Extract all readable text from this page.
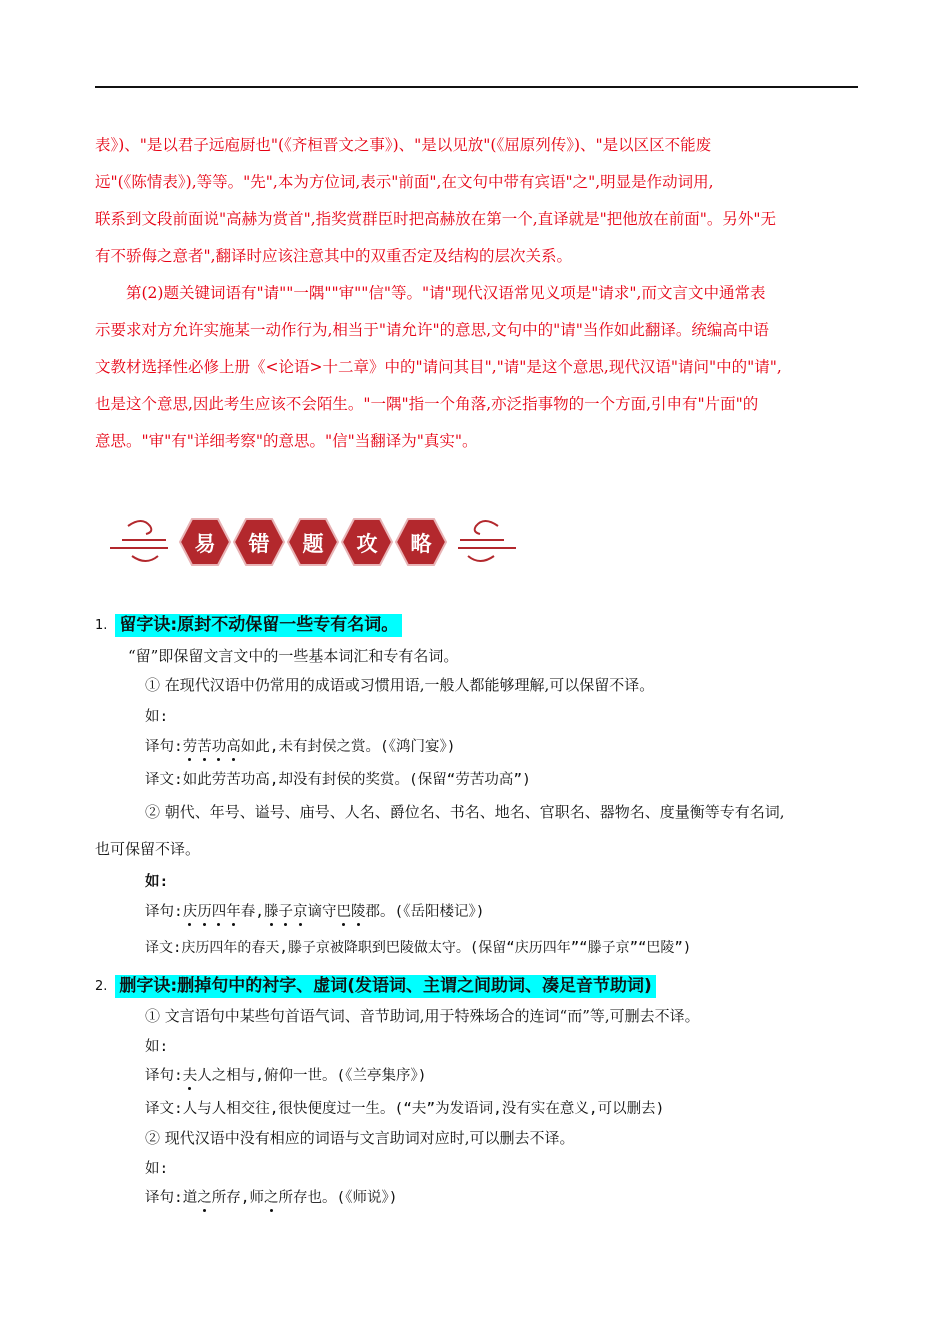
表》)、"是以君子远庖厨也"(《齐桓晋文之事》)、"是以见放"(《屈原列传》)、"是以区区不能废

远"(《陈情表》),等等。"先",本为方位词,表示"前面",在文句中带有宾语"之",明显是作动词用,

联系到文段前面说"高赫为赏首",指奖赏群臣时把高赫放在第一个,直译就是"把他放在前面"。另外"无

有不骄侮之意者",翻译时应该注意其中的双重否定及结构的层次关系。

第(2)题关键词语有"请""一隅""审""信"等。"请"现代汉语常见义项是"请求",而文言文中通常表

示要求对方允许实施某一动作行为,相当于"请允许"的意思,文句中的"请"当作如此翻译。统编高中语

文教材选择性必修上册《<论语>十二章》中的"请问其目","请"是这个意思,现代汉语"请问"中的"请",

也是这个意思,因此考生应该不会陌生。"一隅"指一个角落,亦泛指事物的一个方面,引申有"片面"的

意思。"审"有"详细考察"的意思。"信"当翻译为"真实"。

易	错	题	攻	略
1. 留字诀:原封不动保留一些专有名词。
“留”即保留文言文中的一些基本词汇和专有名词。
① 在现代汉语中仍常用的成语或习惯用语,一般人都能够理解,可以保留不译。
如:
译句:劳苦功高如此,未有封侯之赏。(《鸿门宴》)
译文:如此劳苦功高,却没有封侯的奖赏。(保留“劳苦功高”)
② 朝代、年号、谥号、庙号、人名、爵位名、书名、地名、官职名、器物名、度量衡等专有名词,
也可保留不译。
如:
译句:庆历四年春,滕子京谪守巴陵郡。(《岳阳楼记》)
译文:庆历四年的春天,滕子京被降职到巴陵做太守。(保留“庆历四年”“滕子京”“巴陵”)
2. 删字诀:删掉句中的衬字、虚词(发语词、主谓之间助词、凑足音节助词)
① 文言语句中某些句首语气词、音节助词,用于特殊场合的连词“而”等,可删去不译。
如:
译句:夫人之相与,俯仰一世。(《兰亭集序》)
译文:人与人相交往,很快便度过一生。(“夫”为发语词,没有实在意义,可以删去)
② 现代汉语中没有相应的词语与文言助词对应时,可以删去不译。
如:
译句:道之所存,师之所存也。(《师说》)
